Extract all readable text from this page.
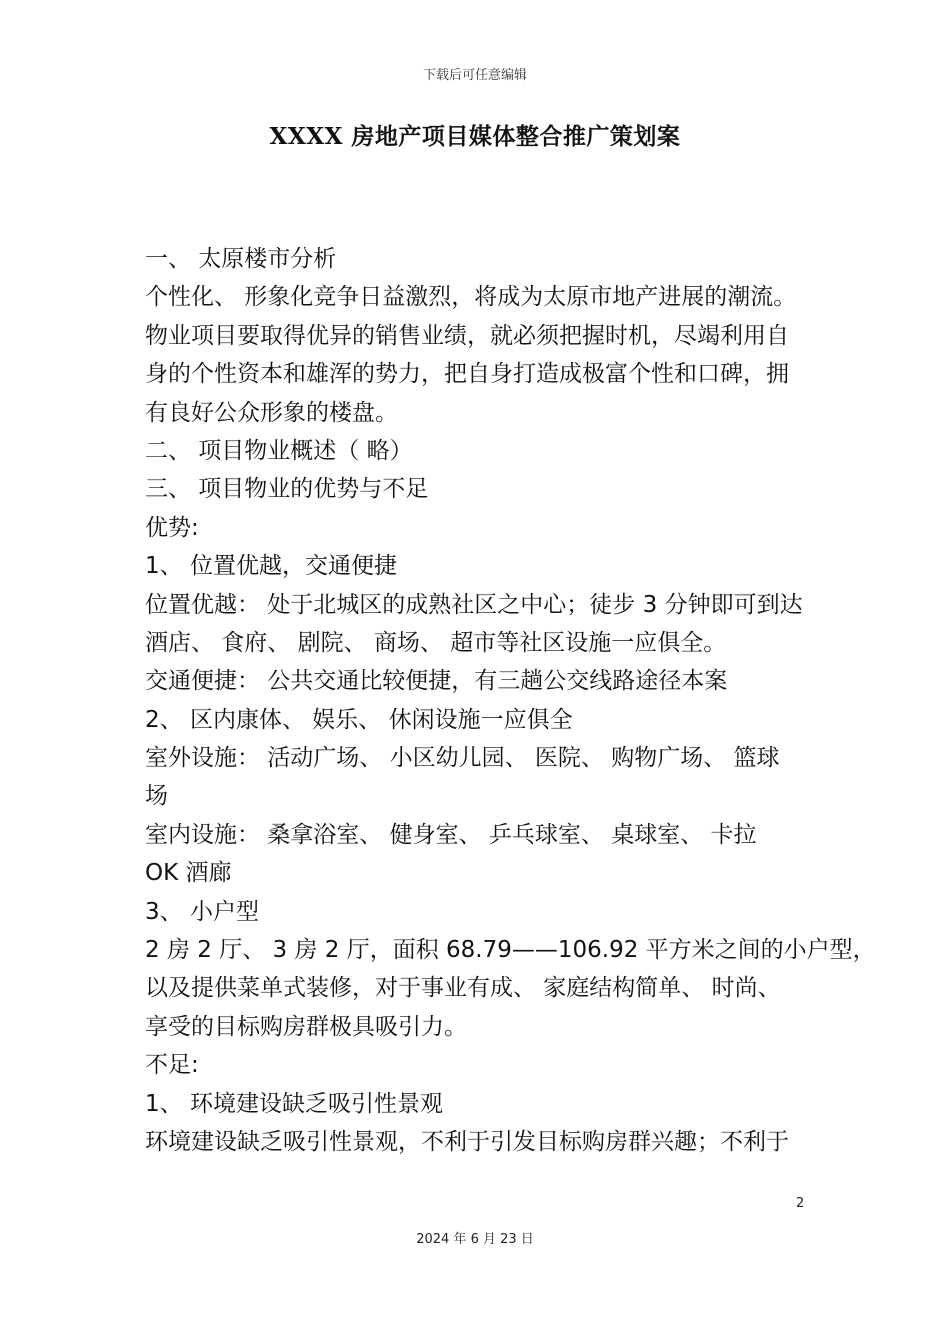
下载后可任意编辑
XXXX 房地产项目媒体整合推广策划案
一、 太原楼市分析
个性化、 形象化竞争日益激烈，将成为太原市地产进展的潮流。
物业项目要取得优异的销售业绩，就必须把握时机，尽竭利用自
身的个性资本和雄浑的势力，把自身打造成极富个性和口碑，拥
有良好公众形象的楼盘。
二、 项目物业概述（ 略）
三、 项目物业的优势与不足
优势:
1、 位置优越，交通便捷
位置优越： 处于北城区的成熟社区之中心；徒步 3 分钟即可到达
酒店、 食府、 剧院、 商场、 超市等社区设施一应俱全。
交通便捷： 公共交通比较便捷，有三趟公交线路途径本案
2、 区内康体、 娱乐、 休闲设施一应俱全
室外设施： 活动广场、 小区幼儿园、 医院、 购物广场、 篮球
场
室内设施： 桑拿浴室、 健身室、 乒乓球室、 桌球室、 卡拉
OK 酒廊
3、 小户型
2 房 2 厅、 3 房 2 厅，面积 68.79——106.92 平方米之间的小户型，
以及提供菜单式装修，对于事业有成、 家庭结构简单、 时尚、
享受的目标购房群极具吸引力。
不足:
1、 环境建设缺乏吸引性景观
环境建设缺乏吸引性景观，不利于引发目标购房群兴趣；不利于
2
2024 年 6 月 23 日
